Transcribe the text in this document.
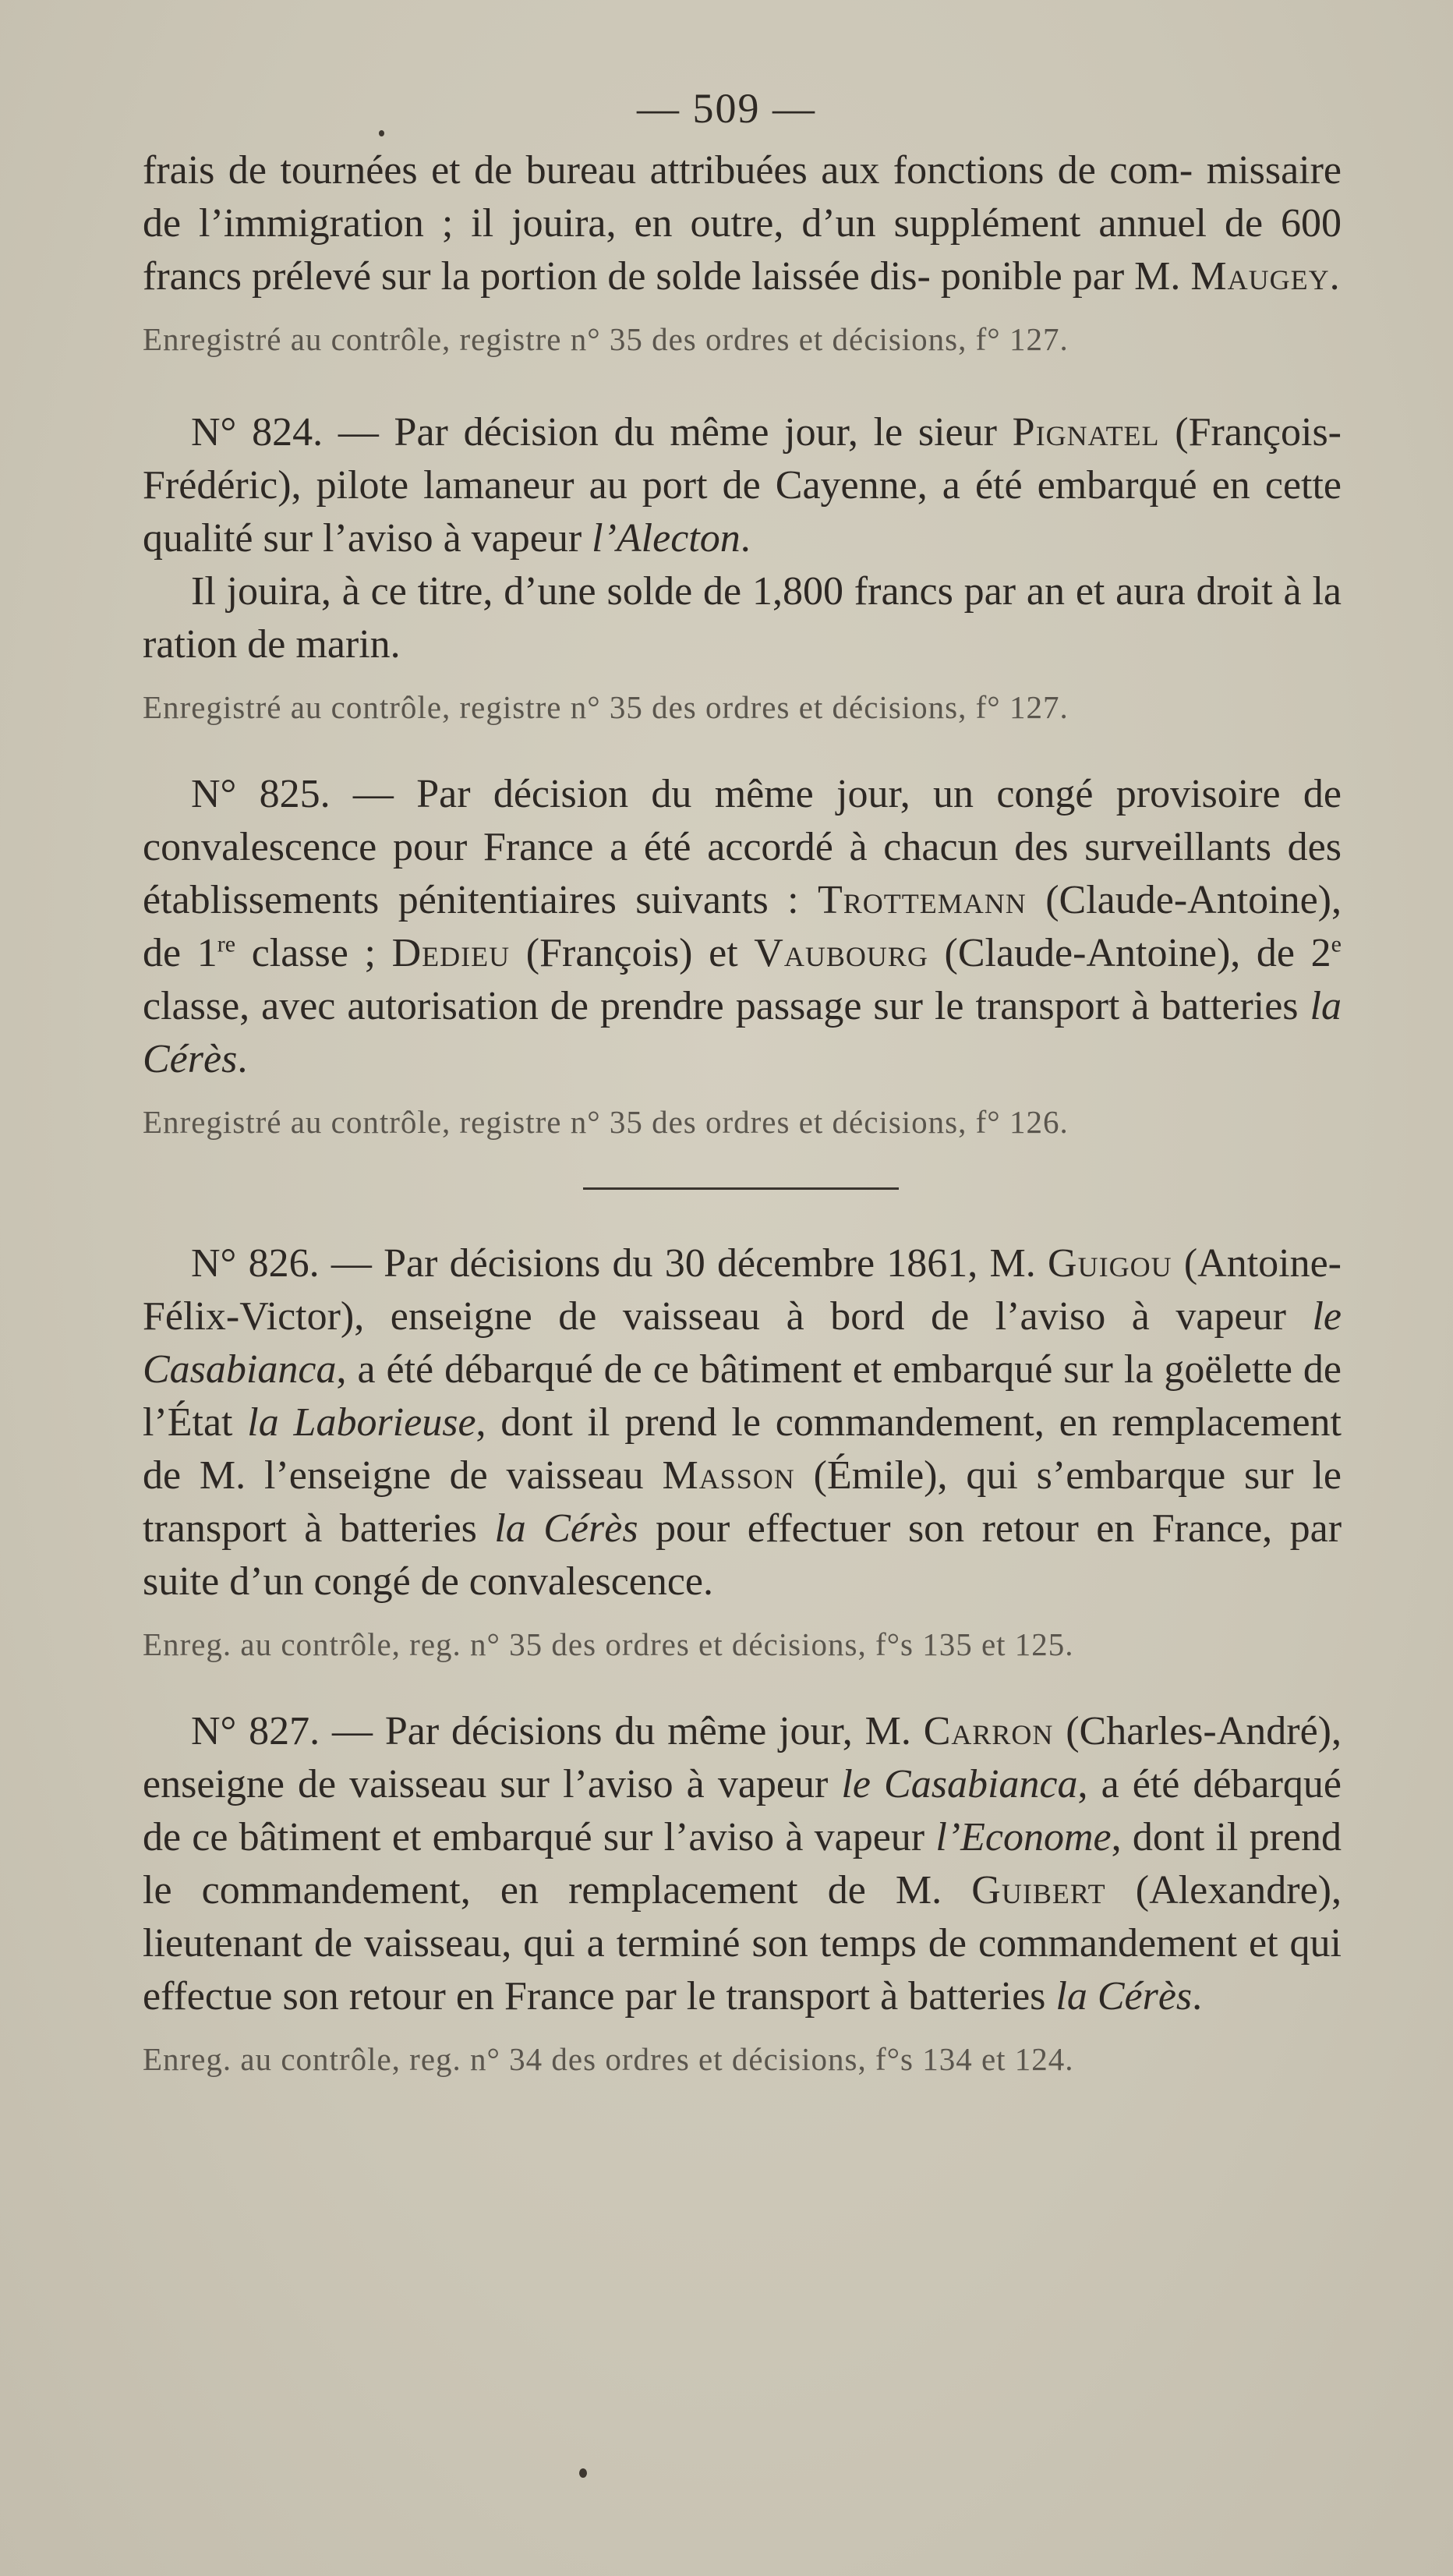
— 509 —

frais de tournées et de bureau attribuées aux fonctions de com- missaire de l’immigration ; il jouira, en outre, d’un supplément annuel de 600 francs prélevé sur la portion de solde laissée dis- ponible par M. Maugey.

Enregistré au contrôle, registre n° 35 des ordres et décisions, f° 127.

N° 824. — Par décision du même jour, le sieur Pignatel (François-Frédéric), pilote lamaneur au port de Cayenne, a été embarqué en cette qualité sur l’aviso à vapeur l’Alecton.

Il jouira, à ce titre, d’une solde de 1,800 francs par an et aura droit à la ration de marin.

Enregistré au contrôle, registre n° 35 des ordres et décisions, f° 127.

N° 825. — Par décision du même jour, un congé provisoire de convalescence pour France a été accordé à chacun des surveillants des établissements pénitentiaires suivants : Trottemann (Claude-Antoine), de 1re classe ; Dedieu (François) et Vaubourg (Claude-Antoine), de 2e classe, avec autorisation de prendre passage sur le transport à batteries la Cérès.

Enregistré au contrôle, registre n° 35 des ordres et décisions, f° 126.

N° 826. — Par décisions du 30 décembre 1861, M. Guigou (Antoine-Félix-Victor), enseigne de vaisseau à bord de l’aviso à vapeur le Casabianca, a été débarqué de ce bâtiment et embarqué sur la goëlette de l’État la Laborieuse, dont il prend le commandement, en remplacement de M. l’enseigne de vaisseau Masson (Émile), qui s’embarque sur le transport à batteries la Cérès pour effectuer son retour en France, par suite d’un congé de convalescence.

Enreg. au contrôle, reg. n° 35 des ordres et décisions, f°s 135 et 125.

N° 827. — Par décisions du même jour, M. Carron (Charles-André), enseigne de vaisseau sur l’aviso à vapeur le Casabianca, a été débarqué de ce bâtiment et embarqué sur l’aviso à vapeur l’Econome, dont il prend le commandement, en remplacement de M. Guibert (Alexandre), lieutenant de vaisseau, qui a terminé son temps de commandement et qui effectue son retour en France par le transport à batteries la Cérès.

Enreg. au contrôle, reg. n° 34 des ordres et décisions, f°s 134 et 124.
